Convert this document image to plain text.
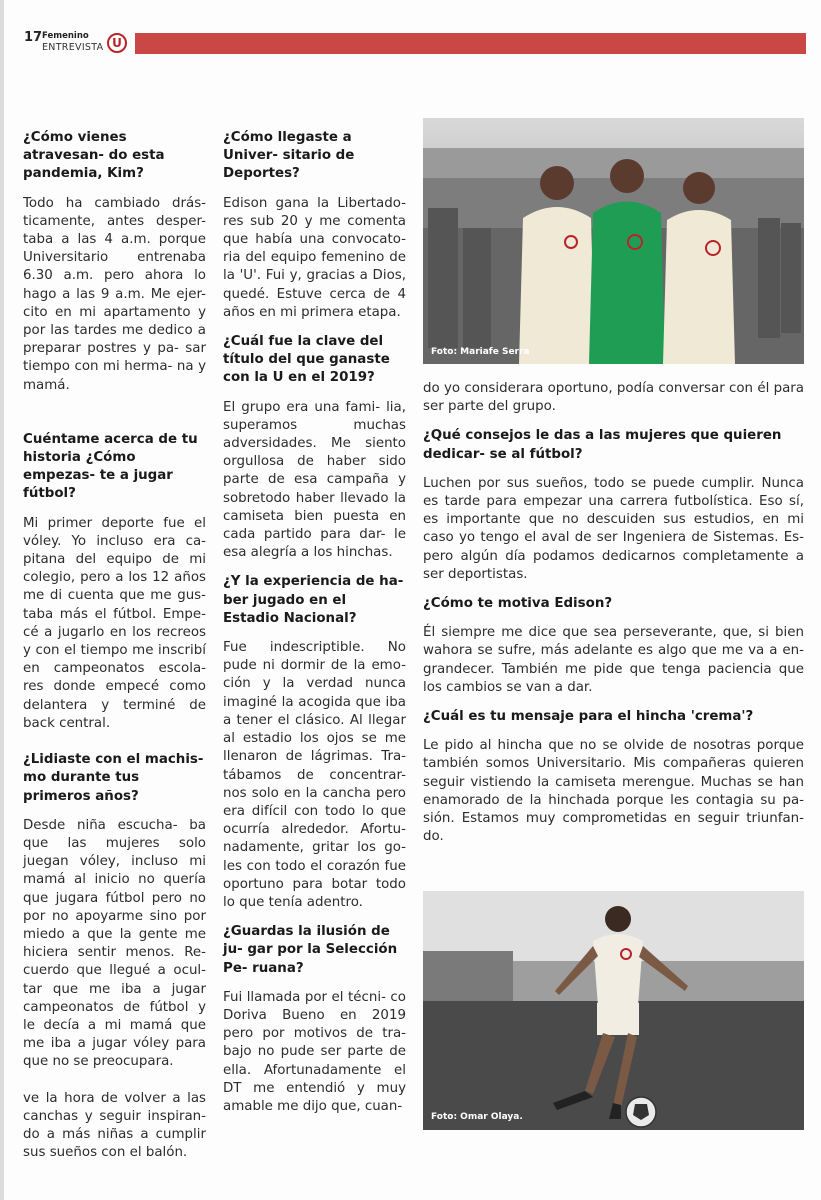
17 Femenino
ENTREVISTA U
¿Cómo vienes atravesan- do esta pandemia, Kim?

Todo ha cambiado drás- ticamente, antes desper- taba a las 4 a.m. porque Universitario entrenaba 6.30 a.m. pero ahora lo hago a las 9 a.m. Me ejer- cito en mi apartamento y por las tardes me dedico a preparar postres y pa- sar tiempo con mi herma- na y mamá.

Cuéntame acerca de tu historia ¿Cómo empezas- te a jugar fútbol?

Mi primer deporte fue el vóley. Yo incluso era ca- pitana del equipo de mi colegio, pero a los 12 años me di cuenta que me gus- taba más el fútbol. Empe- cé a jugarlo en los recreos y con el tiempo me inscribí en campeonatos escola- res donde empecé como delantera y terminé de back central.

¿Lidiaste con el machis- mo durante tus primeros años?

Desde niña escucha- ba que las mujeres solo juegan vóley, incluso mi mamá al inicio no quería que jugara fútbol pero no por no apoyarme sino por miedo a que la gente me hiciera sentir menos. Re- cuerdo que llegué a ocul- tar que me iba a jugar campeonatos de fútbol y le decía a mi mamá que me iba a jugar vóley para que no se preocupara.

ve la hora de volver a las canchas y seguir inspiran- do a más niñas a cumplir sus sueños con el balón.

¿Cómo llegaste a Univer- sitario de Deportes?

Edison gana la Libertado- res sub 20 y me comenta que había una convocato- ria del equipo femenino de la 'U'. Fui y, gracias a Dios, quedé. Estuve cerca de 4 años en mi primera etapa.

¿Cuál fue la clave del título del que ganaste con la U en el 2019?

El grupo era una fami- lia, superamos muchas adversidades. Me siento orgullosa de haber sido parte de esa campaña y sobretodo haber llevado la camiseta bien puesta en cada partido para dar- le esa alegría a los hinchas.

¿Y la experiencia de ha- ber jugado en el Estadio Nacional?

Fue indescriptible. No pude ni dormir de la emo- ción y la verdad nunca imaginé la acogida que iba a tener el clásico. Al llegar al estadio los ojos se me llenaron de lágrimas. Tra- tábamos de concentrar- nos solo en la cancha pero era difícil con todo lo que ocurría alrededor. Afortu- nadamente, gritar los go- les con todo el corazón fue oportuno para botar todo lo que tenía adentro.

¿Guardas la ilusión de ju- gar por la Selección Pe- ruana?

Fui llamada por el técni- co Doriva Bueno en 2019 pero por motivos de tra- bajo no pude ser parte de ella. Afortunadamente el DT me entendió y muy amable me dijo que, cuan-

Foto: Mariafe Serra

do yo considerara oportuno, podía conversar con él para ser parte del grupo.

¿Qué consejos le das a las mujeres que quieren dedicar- se al fútbol?

Luchen por sus sueños, todo se puede cumplir. Nunca es tarde para empezar una carrera futbolística. Eso sí, es importante que no descuiden sus estudios, en mi caso yo tengo el aval de ser Ingeniera de Sistemas. Es- pero algún día podamos dedicarnos completamente a ser deportistas.

¿Cómo te motiva Edison?

Él siempre me dice que sea perseverante, que, si bien wahora se sufre, más adelante es algo que me va a en- grandecer. También me pide que tenga paciencia que los cambios se van a dar.

¿Cuál es tu mensaje para el hincha 'crema'?

Le pido al hincha que no se olvide de nosotras porque también somos Universitario. Mis compañeras quieren seguir vistiendo la camiseta merengue. Muchas se han enamorado de la hinchada porque les contagia su pa- sión. Estamos muy comprometidas en seguir triunfan- do.

Foto: Omar Olaya.
